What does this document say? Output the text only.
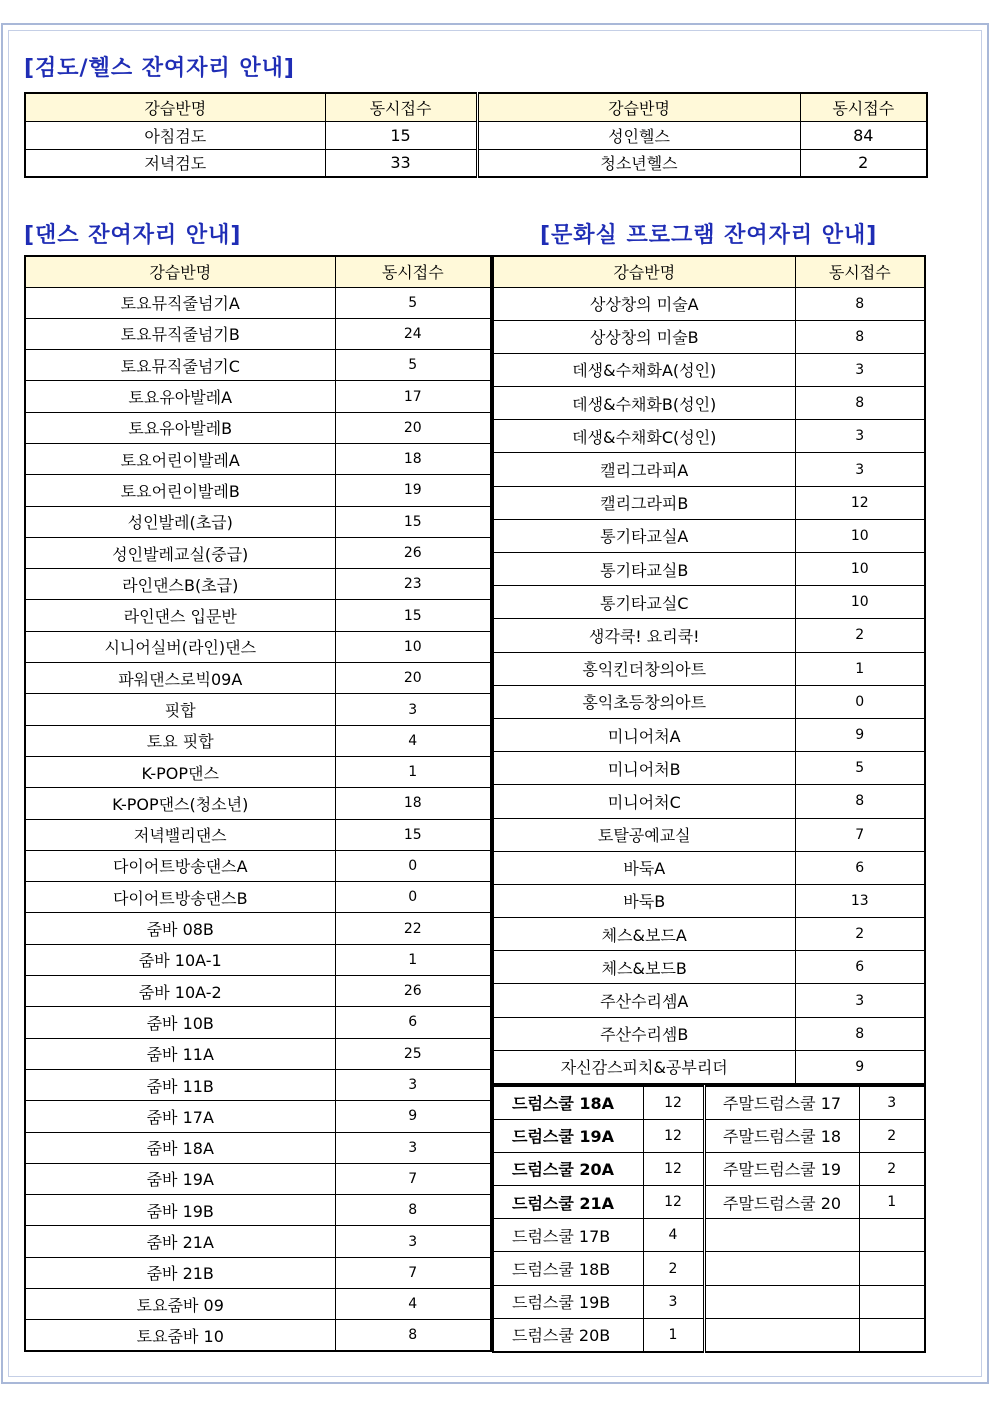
[검도/헬스 잔여자리 안내]
강습반명	동시접수	강습반명	동시접수
아침검도	15	성인헬스	84
저녁검도	33	청소년헬스	2
[댄스 잔여자리 안내]	[문화실 프로그램 잔여자리 안내]
강습반명	동시접수
토요뮤직줄넘기A	5
토요뮤직줄넘기B	24
토요뮤직줄넘기C	5
토요유아발레A	17
토요유아발레B	20
토요어린이발레A	18
토요어린이발레B	19
성인발레(초급)	15
성인발레교실(중급)	26
라인댄스B(초급)	23
라인댄스 입문반	15
시니어실버(라인)댄스	10
파워댄스로빅09A	20
핏합	3
토요 핏합	4
K-POP댄스	1
K-POP댄스(청소년)	18
저녁밸리댄스	15
다이어트방송댄스A	0
다이어트방송댄스B	0
줌바 08B	22
줌바 10A-1	1
줌바 10A-2	26
줌바 10B	6
줌바 11A	25
줌바 11B	3
줌바 17A	9
줌바 18A	3
줌바 19A	7
줌바 19B	8
줌바 21A	3
줌바 21B	7
토요줌바 09	4
토요줌바 10	8
강습반명	동시접수
상상창의 미술A	8
상상창의 미술B	8
데생&수채화A(성인)	3
데생&수채화B(성인)	8
데생&수채화C(성인)	3
캘리그라피A	3
캘리그라피B	12
통기타교실A	10
통기타교실B	10
통기타교실C	10
생각쿡! 요리쿡!	2
홍익킨더창의아트	1
홍익초등창의아트	0
미니어처A	9
미니어처B	5
미니어처C	8
토탈공예교실	7
바둑A	6
바둑B	13
체스&보드A	2
체스&보드B	6
주산수리셈A	3
주산수리셈B	8
자신감스피치&공부리더	9
드럼스쿨 18A	12	주말드럼스쿨 17	3
드럼스쿨 19A	12	주말드럼스쿨 18	2
드럼스쿨 20A	12	주말드럼스쿨 19	2
드럼스쿨 21A	12	주말드럼스쿨 20	1
드럼스쿨 17B	4		
드럼스쿨 18B	2		
드럼스쿨 19B	3		
드럼스쿨 20B	1		
